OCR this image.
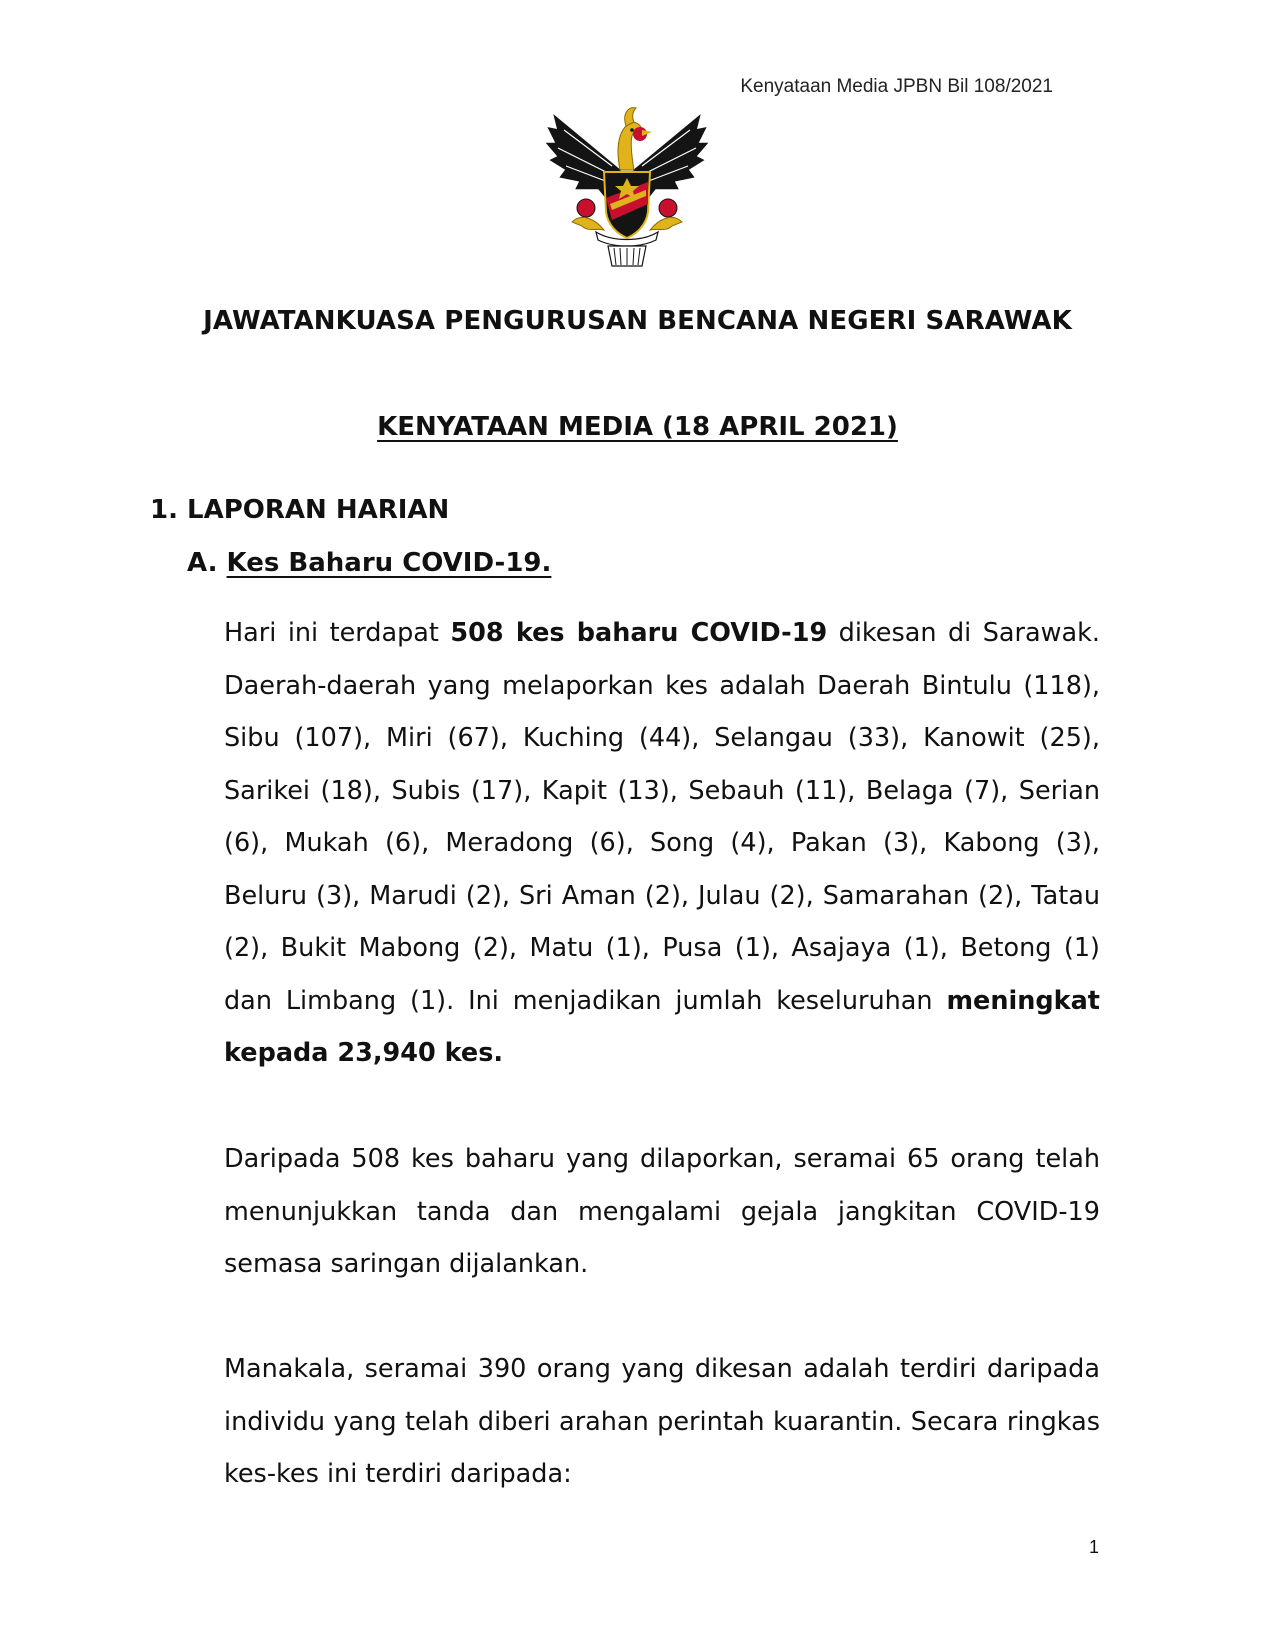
Kenyataan Media JPBN Bil 108/2021
JAWATANKUASA PENGURUSAN BENCANA NEGERI SARAWAK
KENYATAAN MEDIA (18 APRIL 2021)
1. LAPORAN HARIAN
A. Kes Baharu COVID-19.

Hari ini terdapat 508 kes baharu COVID-19 dikesan di Sarawak. Daerah-daerah yang melaporkan kes adalah Daerah Bintulu (118), Sibu (107), Miri (67), Kuching (44), Selangau (33), Kanowit (25), Sarikei (18), Subis (17), Kapit (13), Sebauh (11), Belaga (7), Serian (6), Mukah (6), Meradong (6), Song (4), Pakan (3), Kabong (3), Beluru (3), Marudi (2), Sri Aman (2), Julau (2), Samarahan (2), Tatau (2), Bukit Mabong (2), Matu (1), Pusa (1), Asajaya (1), Betong (1) dan Limbang (1). Ini menjadikan jumlah keseluruhan meningkat kepada 23,940 kes.

Daripada 508 kes baharu yang dilaporkan, seramai 65 orang telah menunjukkan tanda dan mengalami gejala jangkitan COVID-19 semasa saringan dijalankan.

Manakala, seramai 390 orang yang dikesan adalah terdiri daripada individu yang telah diberi arahan perintah kuarantin. Secara ringkas kes-kes ini terdiri daripada:

1
